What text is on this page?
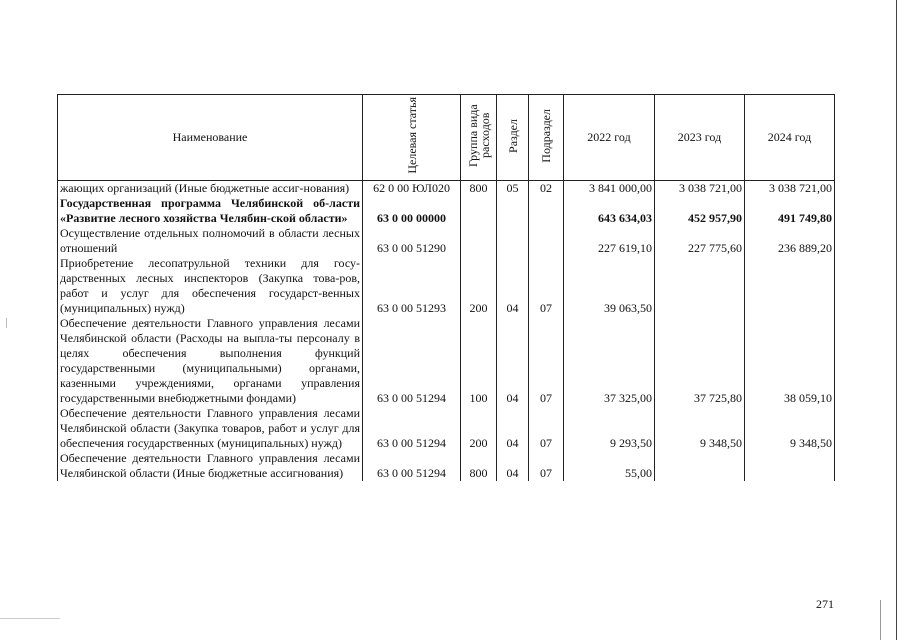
Наименование	Целевая статья	Группа вида расходов	Раздел	Подраздел	2022 год	2023 год	2024 год
жающих организаций (Иные бюджетные ассиг-нования)	62 0 00 ЮЛ020	800	05	02	3 841 000,00	3 038 721,00	3 038 721,00
Государственная программа Челябинской об-ласти «Развитие лесного хозяйства Челябин-ской области»	63 0 00 00000				643 634,03	452 957,90	491 749,80
Осуществление отдельных полномочий в области лесных отношений	63 0 00 51290				227 619,10	227 775,60	236 889,20
Приобретение лесопатрульной техники для госу-дарственных лесных инспекторов (Закупка това-ров, работ и услуг для обеспечения государст-венных (муниципальных) нужд)	63 0 00 51293	200	04	07	39 063,50		
Обеспечение деятельности Главного управления лесами Челябинской области (Расходы на выпла-ты персоналу в целях обеспечения выполнения функций государственными (муниципальными) органами, казенными учреждениями, органами управления государственными внебюджетными фондами)	63 0 00 51294	100	04	07	37 325,00	37 725,80	38 059,10
Обеспечение деятельности Главного управления лесами Челябинской области (Закупка товаров, работ и услуг для обеспечения государственных (муниципальных) нужд)	63 0 00 51294	200	04	07	9 293,50	9 348,50	9 348,50
Обеспечение деятельности Главного управления лесами Челябинской области (Иные бюджетные ассигнования)	63 0 00 51294	800	04	07	55,00		
271
